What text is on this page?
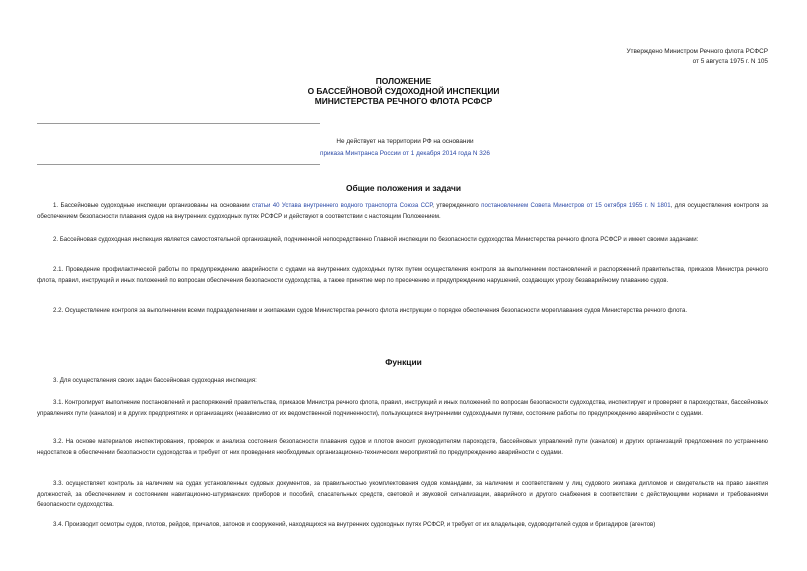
Утверждено Министром Речного флота РСФСР
от 5 августа 1975 г. N 105
ПОЛОЖЕНИЕ
О БАССЕЙНОВОЙ СУДОХОДНОЙ ИНСПЕКЦИИ
МИНИСТЕРСТВА РЕЧНОГО ФЛОТА РСФСР
Не действует на территории РФ на основании
приказа Минтранса России от 1 декабря 2014 года N 326
Общие положения и задачи

1. Бассейновые судоходные инспекции организованы на основании статьи 40 Устава внутреннего водного транспорта Союза ССР, утвержденного постановлением Совета Министров от 15 октября 1955 г. N 1801, для осуществления контроля за обеспечением безопасности плавания судов на внутренних судоходных путях РСФСР и действуют в соответствии с настоящим Положением.

2. Бассейновая судоходная инспекция является самостоятельной организацией, подчиненной непосредственно Главной инспекции по безопасности судоходства Министерства речного флота РСФСР и имеет своими задачами:

2.1. Проведение профилактической работы по предупреждению аварийности с судами на внутренних судоходных путях путем осуществления контроля за выполнением постановлений и распоряжений правительства, приказов Министра речного флота, правил, инструкций и иных положений по вопросам обеспечения безопасности судоходства, а также принятие мер по пресечению и предупреждению нарушений, создающих угрозу безаварийному плаванию судов.

2.2. Осуществление контроля за выполнением всеми подразделениями и экипажами судов Министерства речного флота инструкции о порядке обеспечения безопасности мореплавания судов Министерства речного флота.

Функции

3. Для осуществления своих задач бассейновая судоходная инспекция:

3.1. Контролирует выполнение постановлений и распоряжений правительства, приказов Министра речного флота, правил, инструкций и иных положений по вопросам безопасности судоходства, инспектирует и проверяет в пароходствах, бассейновых управлениях пути (каналов) и в других предприятиях и организациях (независимо от их ведомственной подчиненности), пользующихся внутренними судоходными путями, состояние работы по предупреждению аварийности с судами.

3.2. На основе материалов инспектирования, проверок и анализа состояния безопасности плавания судов и плотов вносит руководителям пароходств, бассейновых управлений пути (каналов) и других организаций предложения по устранению недостатков в обеспечении безопасности судоходства и требует от них проведения необходимых организационно-технических мероприятий по предупреждению аварийности с судами.

3.3. осуществляет контроль за наличием на судах установленных судовых документов, за правильностью укомплектования судов командами, за наличием и соответствием у лиц судового экипажа дипломов и свидетельств на право занятия должностей, за обеспечением и состоянием навигационно-штурманских приборов и пособий, спасательных средств, световой и звуковой сигнализации, аварийного и другого снабжения в соответствии с действующими нормами и требованиями безопасности судоходства.

3.4. Производит осмотры судов, плотов, рейдов, причалов, затонов и сооружений, находящихся на внутренних судоходных путях РСФСР, и требует от их владельцев, судоводителей судов и бригадиров (агентов)
